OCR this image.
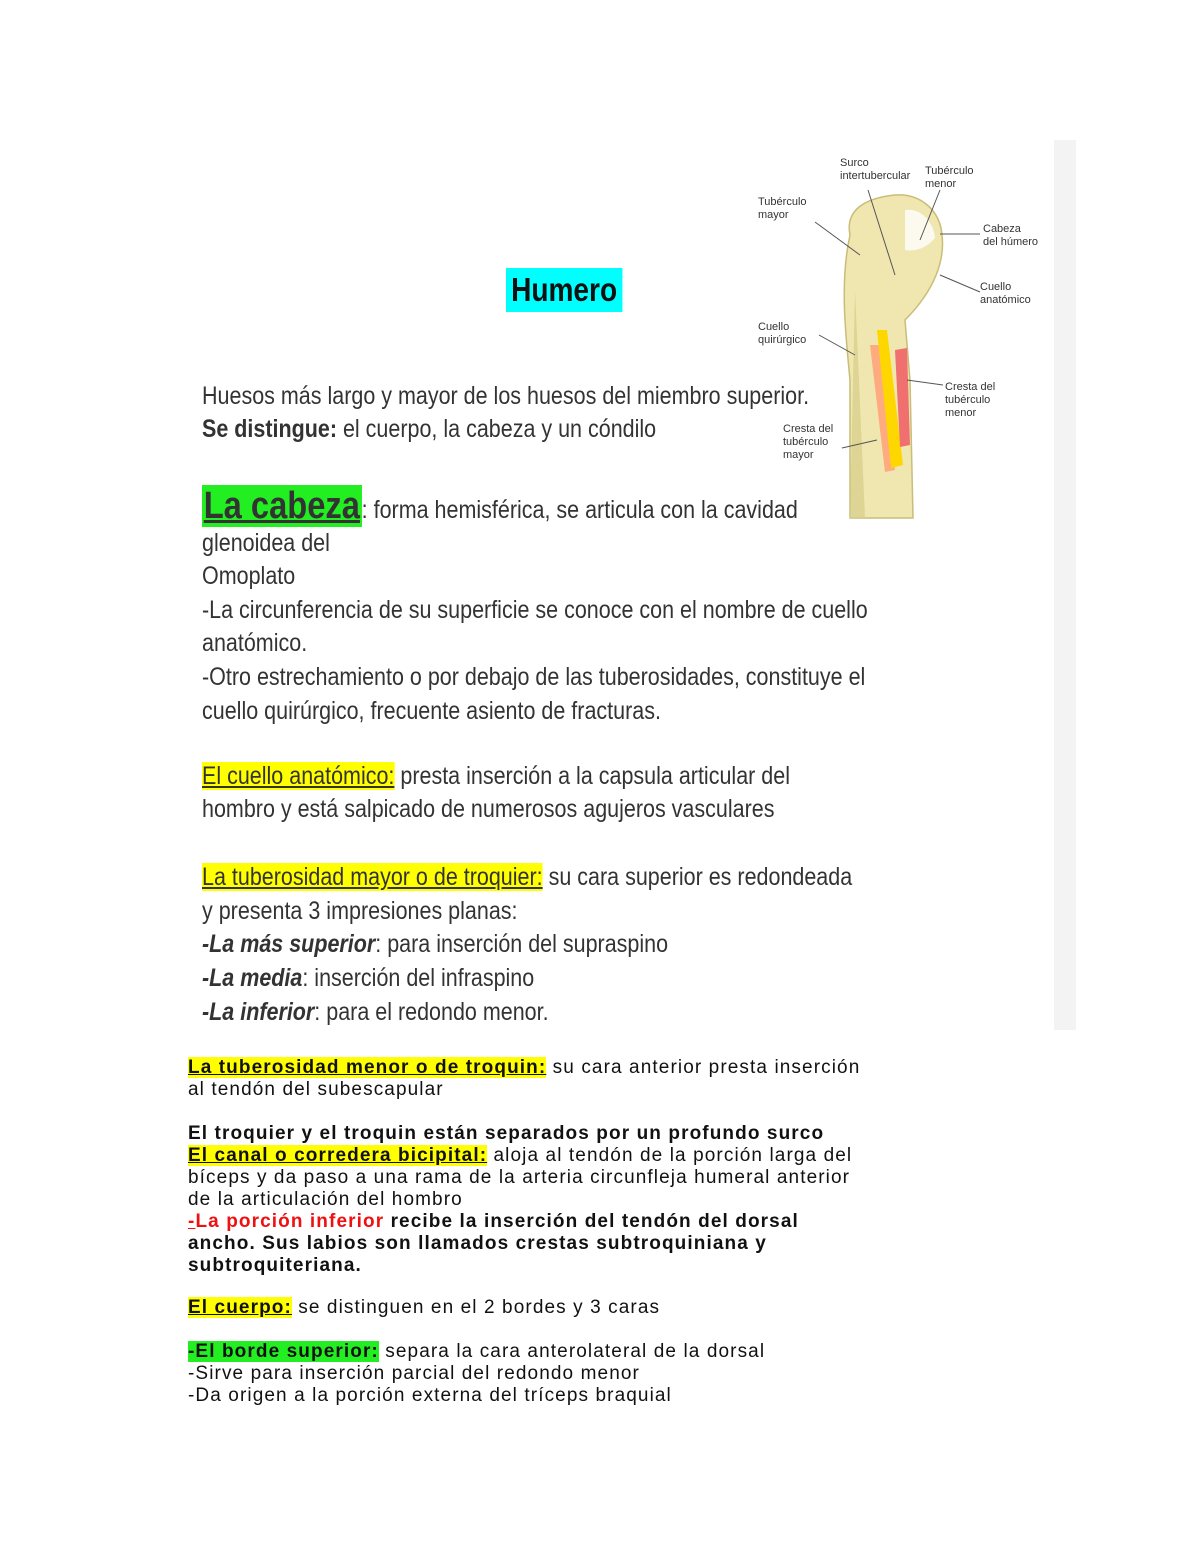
Humero
Surco intertubercular Tubérculo menor
Tubérculo mayor
Cabeza del húmero
Cuello anatómico
Cuello quirúrgico
Cresta del tubérculo menor
Cresta del tubérculo mayor
Huesos más largo y mayor de los huesos del miembro superior.
Se distingue: el cuerpo, la cabeza y un cóndilo
La cabeza: forma hemisférica, se articula con la cavidad
glenoidea del
Omoplato
-La circunferencia de su superficie se conoce con el nombre de cuello
anatómico.
-Otro estrechamiento o por debajo de las tuberosidades, constituye el
cuello quirúrgico, frecuente asiento de fracturas.
El cuello anatómico: presta inserción a la capsula articular del
hombro y está salpicado de numerosos agujeros vasculares
La tuberosidad mayor o de troquier: su cara superior es redondeada
y presenta 3 impresiones planas:
-La más superior: para inserción del supraspino
-La media: inserción del infraspino
-La inferior: para el redondo menor.
La tuberosidad menor o de troquin: su cara anterior presta inserción
al tendón del subescapular
El troquier y el troquin están separados por un profundo surco
El canal o corredera bicipital: aloja al tendón de la porción larga del
bíceps y da paso a una rama de la arteria circunfleja humeral anterior
de la articulación del hombro
-La porción inferior recibe la inserción del tendón del dorsal
ancho. Sus labios son llamados crestas subtroquiniana y
subtroquiteriana.
El cuerpo: se distinguen en el 2 bordes y 3 caras
-El borde superior: separa la cara anterolateral de la dorsal
-Sirve para inserción parcial del redondo menor
-Da origen a la porción externa del tríceps braquial
